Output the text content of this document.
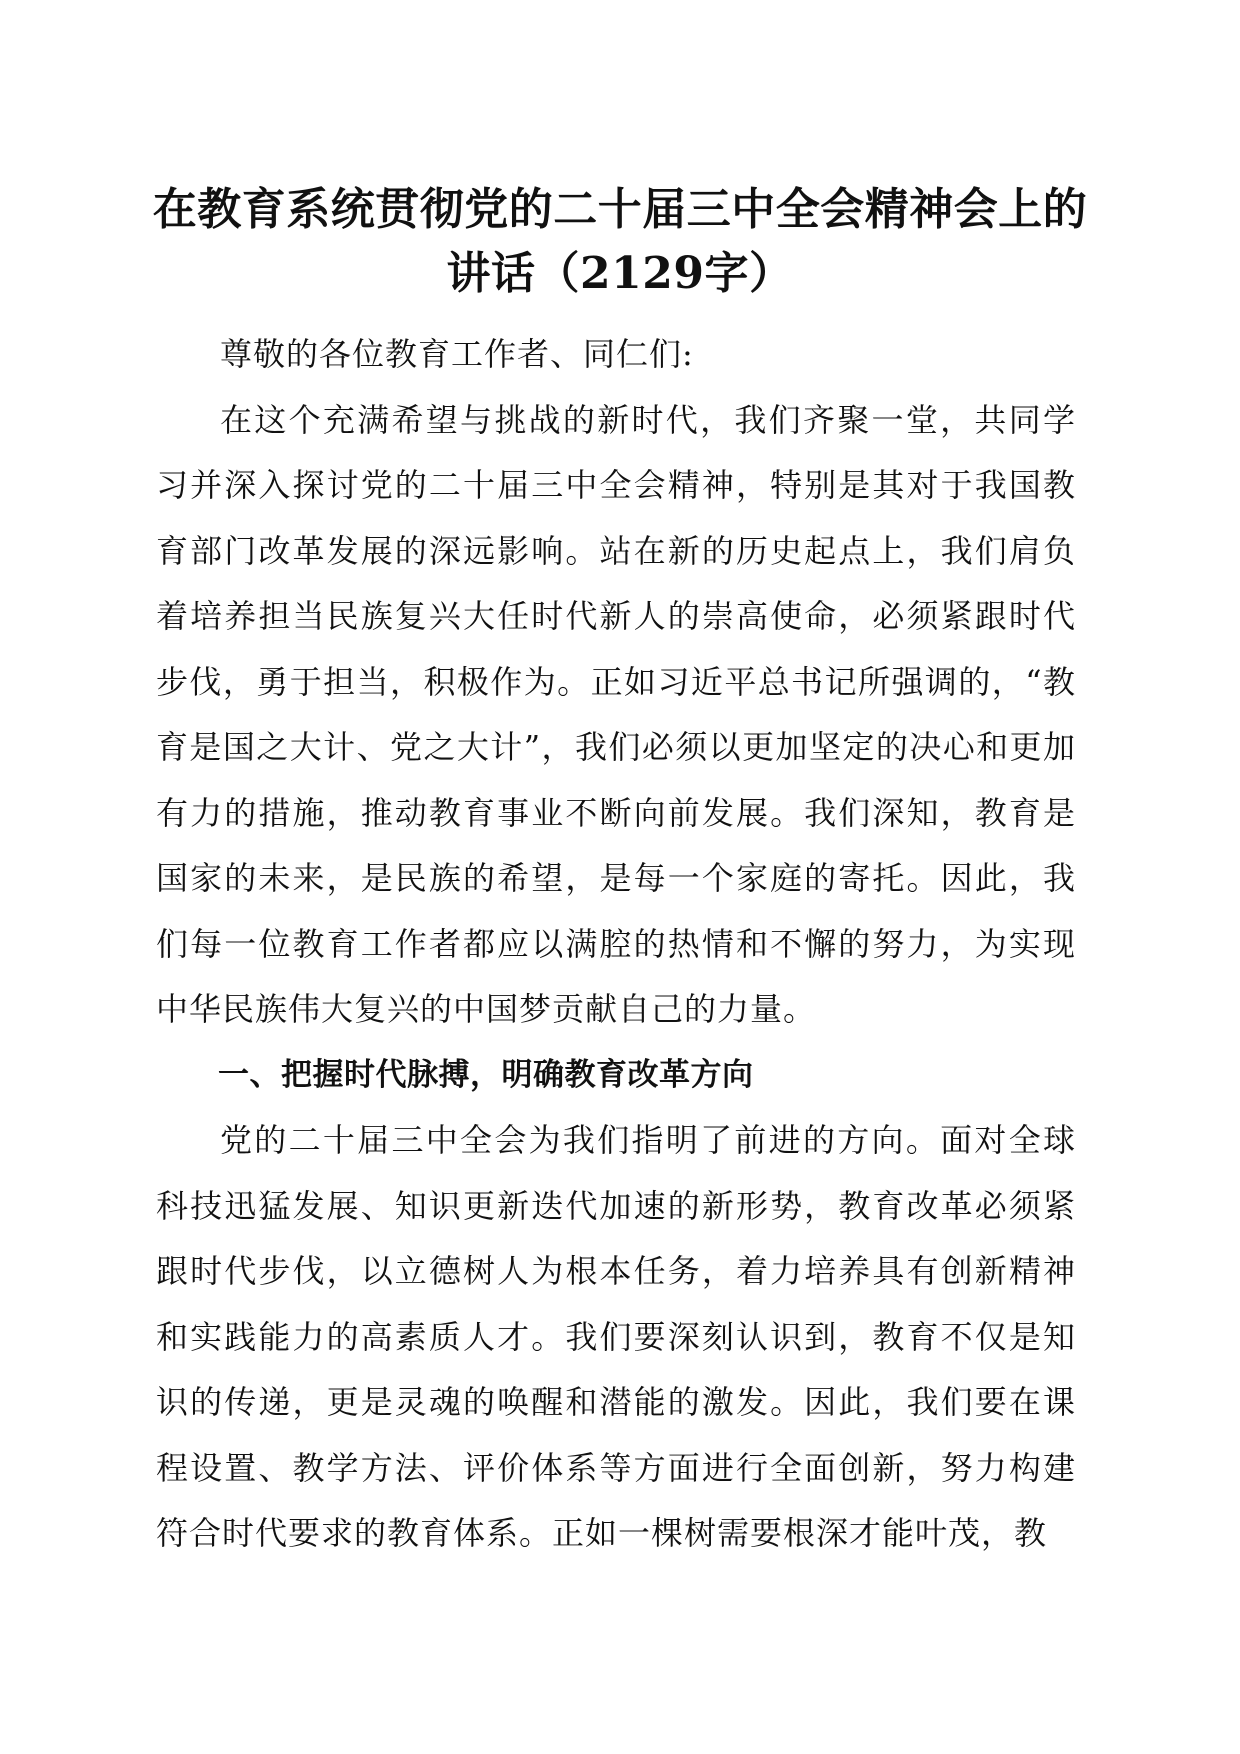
在教育系统贯彻党的二十届三中全会精神会上的讲话（2129字）

尊敬的各位教育工作者、同仁们:

在这个充满希望与挑战的新时代，我们齐聚一堂，共同学习并深入探讨党的二十届三中全会精神，特别是其对于我国教育部门改革发展的深远影响。站在新的历史起点上，我们肩负着培养担当民族复兴大任时代新人的崇高使命，必须紧跟时代步伐，勇于担当，积极作为。正如习近平总书记所强调的，“教育是国之大计、党之大计”，我们必须以更加坚定的决心和更加有力的措施，推动教育事业不断向前发展。我们深知，教育是国家的未来，是民族的希望，是每一个家庭的寄托。因此，我们每一位教育工作者都应以满腔的热情和不懈的努力，为实现中华民族伟大复兴的中国梦贡献自己的力量。

一、把握时代脉搏，明确教育改革方向

党的二十届三中全会为我们指明了前进的方向。面对全球科技迅猛发展、知识更新迭代加速的新形势，教育改革必须紧跟时代步伐，以立德树人为根本任务，着力培养具有创新精神和实践能力的高素质人才。我们要深刻认识到，教育不仅是知识的传递，更是灵魂的唤醒和潜能的激发。因此，我们要在课程设置、教学方法、评价体系等方面进行全面创新，努力构建符合时代要求的教育体系。正如一棵树需要根深才能叶茂，教
